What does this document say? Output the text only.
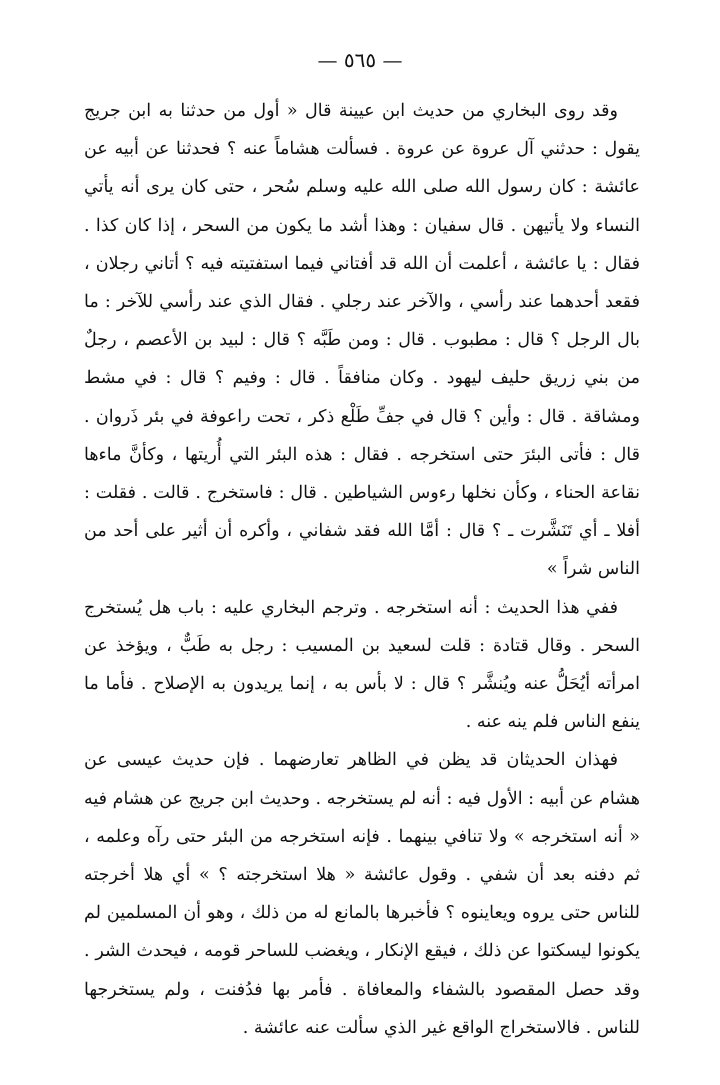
— ٥٦٥ —

وقد روى البخاري من حديث ابن عيينة قال « أول من حدثنا به ابن جريج يقول : حدثني آل عروة عن عروة . فسألت هشاماً عنه ؟ فحدثنا عن أبيه عن عائشة : كان رسول الله صلى الله عليه وسلم سُحر ، حتى كان يرى أنه يأتي النساء ولا يأتيهن . قال سفيان : وهذا أشد ما يكون من السحر ، إذا كان كذا . فقال : يا عائشة ، أعلمت أن الله قد أفتاني فيما استفتيته فيه ؟ أتاني رجلان ، فقعد أحدهما عند رأسي ، والآخر عند رجلي . فقال الذي عند رأسي للآخر : ما بال الرجل ؟ قال : مطبوب . قال : ومن طَبَّه ؟ قال : لبيد بن الأعصم ، رجلٌ من بني زريق حليف ليهود . وكان منافقاً . قال : وفيم ؟ قال : في مشط ومشاقة . قال : وأين ؟ قال في جفِّ طَلْع ذكر ، تحت راعوفة في بئر ذَروان . قال : فأتى البئرَ حتى استخرجه . فقال : هذه البئر التي أُريتها ، وكأنَّ ماءها نقاعة الحناء ، وكأن نخلها رءوس الشياطين . قال : فاستخرج . قالت . فقلت : أفلا ـ أي تَنَشَّرت ـ ؟ قال : أمَّا الله فقد شفاني ، وأكره أن أثير على أحد من الناس شراً »

ففي هذا الحديث : أنه استخرجه . وترجم البخاري عليه : باب هل يُستخرج السحر . وقال قتادة : قلت لسعيد بن المسيب : رجل به طَبٌّ ، ويؤخذ عن امرأته أيُحَلُّ عنه ويُنشَّر ؟ قال : لا بأس به ، إنما يريدون به الإصلاح . فأما ما ينفع الناس فلم ينه عنه .

فهذان الحديثان قد يظن في الظاهر تعارضهما . فإن حديث عيسى عن هشام عن أبيه : الأول فيه : أنه لم يستخرجه . وحديث ابن جريج عن هشام فيه « أنه استخرجه » ولا تنافي بينهما . فإنه استخرجه من البئر حتى رآه وعلمه ، ثم دفنه بعد أن شفي . وقول عائشة « هلا استخرجته ؟ » أي هلا أخرجته للناس حتى يروه ويعاينوه ؟ فأخبرها بالمانع له من ذلك ، وهو أن المسلمين لم يكونوا ليسكتوا عن ذلك ، فيقع الإنكار ، ويغضب للساحر قومه ، فيحدث الشر . وقد حصل المقصود بالشفاء والمعافاة . فأمر بها فدُفنت ، ولم يستخرجها للناس . فالاستخراج الواقع غير الذي سألت عنه عائشة .
